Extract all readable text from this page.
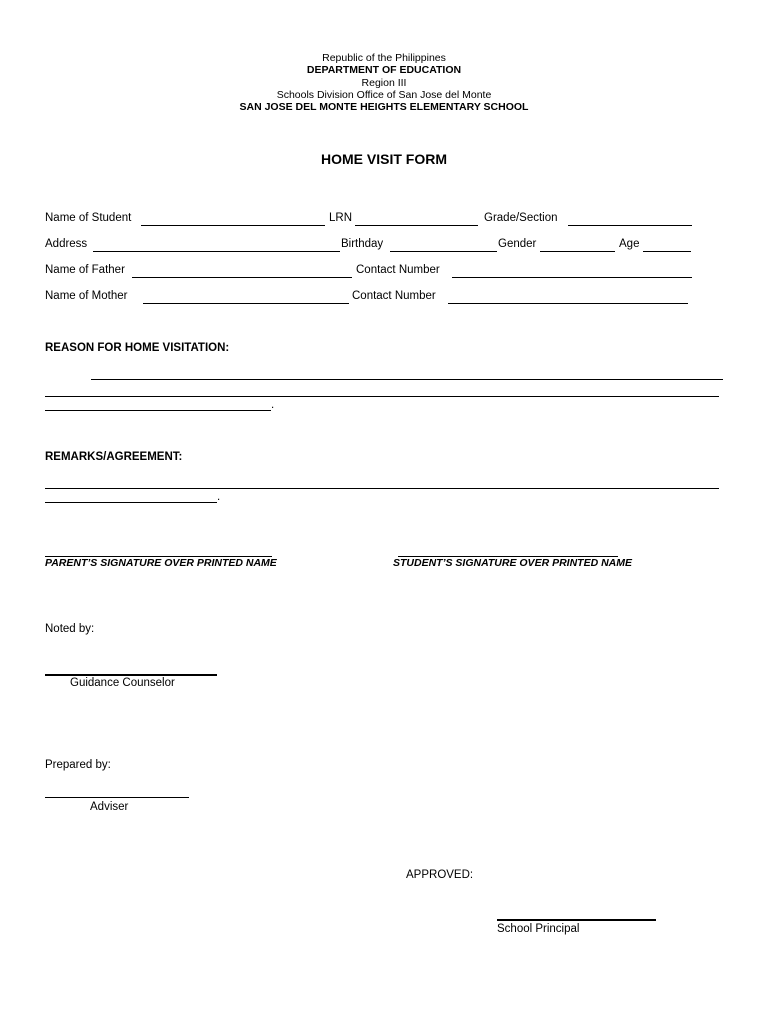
Republic of the Philippines
DEPARTMENT OF EDUCATION
Region III
Schools Division Office of San Jose del Monte
SAN JOSE DEL MONTE HEIGHTS ELEMENTARY SCHOOL
HOME VISIT FORM
Name of Student	LRN	Grade/Section
Address	Birthday	Gender	Age
Name of Father	Contact Number
Name of Mother	Contact Number
REASON FOR HOME VISITATION:
.
REMARKS/AGREEMENT:
.
PARENT’S SIGNATURE OVER PRINTED NAME	STUDENT’S SIGNATURE OVER PRINTED NAME
Noted by:
Guidance Counselor
Prepared by:
Adviser
APPROVED:
School Principal
